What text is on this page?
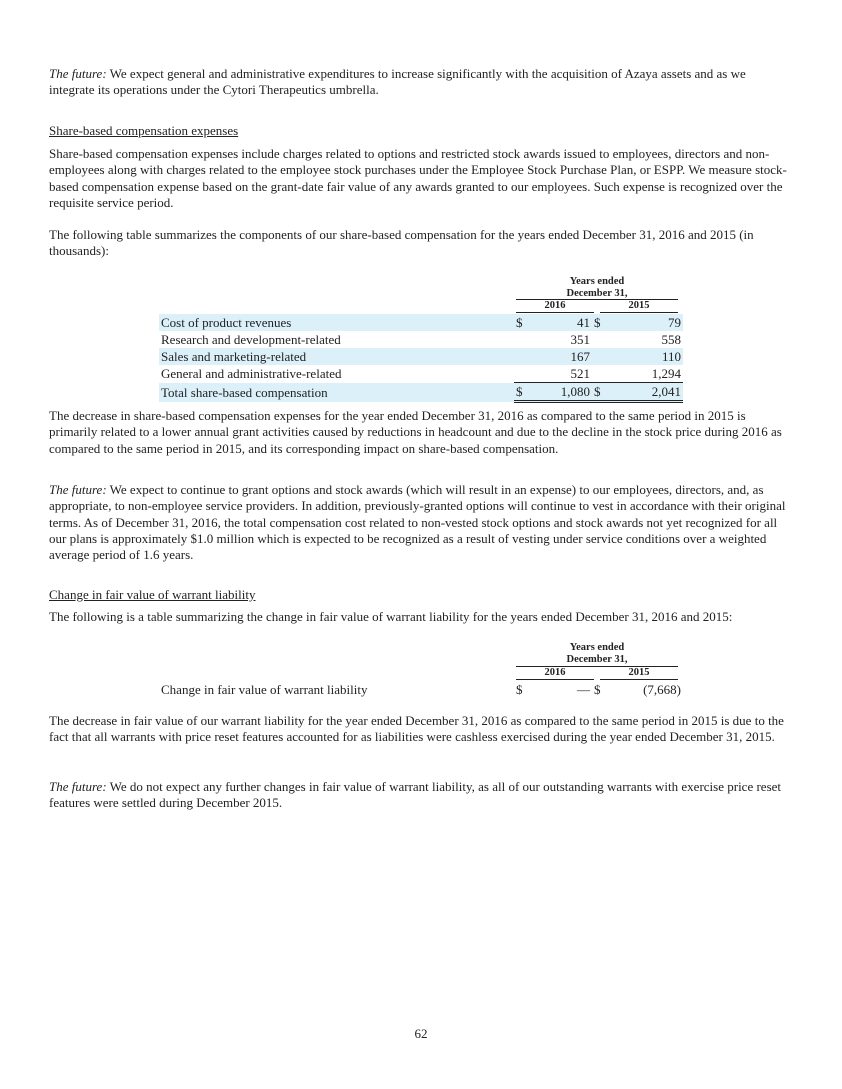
The future: We expect general and administrative expenditures to increase significantly with the acquisition of Azaya assets and as we integrate its operations under the Cytori Therapeutics umbrella.

Share-based compensation expenses

Share-based compensation expenses include charges related to options and restricted stock awards issued to employees, directors and non-employees along with charges related to the employee stock purchases under the Employee Stock Purchase Plan, or ESPP. We measure stock-based compensation expense based on the grant-date fair value of any awards granted to our employees. Such expense is recognized over the requisite service period.

The following table summarizes the components of our share-based compensation for the years ended December 31, 2016 and 2015 (in thousands):

Years ended
December 31,
2016	2015
Cost of product revenues	$	41	$	79
Research and development-related		351		558
Sales and marketing-related		167		110
General and administrative-related		521		1,294
Total share-based compensation	$	1,080	$	2,041

The decrease in share-based compensation expenses for the year ended December 31, 2016 as compared to the same period in 2015 is primarily related to a lower annual grant activities caused by reductions in headcount and due to the decline in the stock price during 2016 as compared to the same period in 2015, and its corresponding impact on share-based compensation.

The future: We expect to continue to grant options and stock awards (which will result in an expense) to our employees, directors, and, as appropriate, to non-employee service providers. In addition, previously-granted options will continue to vest in accordance with their original terms. As of December 31, 2016, the total compensation cost related to non-vested stock options and stock awards not yet recognized for all our plans is approximately $1.0 million which is expected to be recognized as a result of vesting under service conditions over a weighted average period of 1.6 years.

Change in fair value of warrant liability

The following is a table summarizing the change in fair value of warrant liability for the years ended December 31, 2016 and 2015:

Years ended
December 31,
2016	2015
Change in fair value of warrant liability	$	—	$	(7,668)

The decrease in fair value of our warrant liability for the year ended December 31, 2016 as compared to the same period in 2015 is due to the fact that all warrants with price reset features accounted for as liabilities were cashless exercised during the year ended December 31, 2015.

The future: We do not expect any further changes in fair value of warrant liability, as all of our outstanding warrants with exercise price reset features were settled during December 2015.

62
